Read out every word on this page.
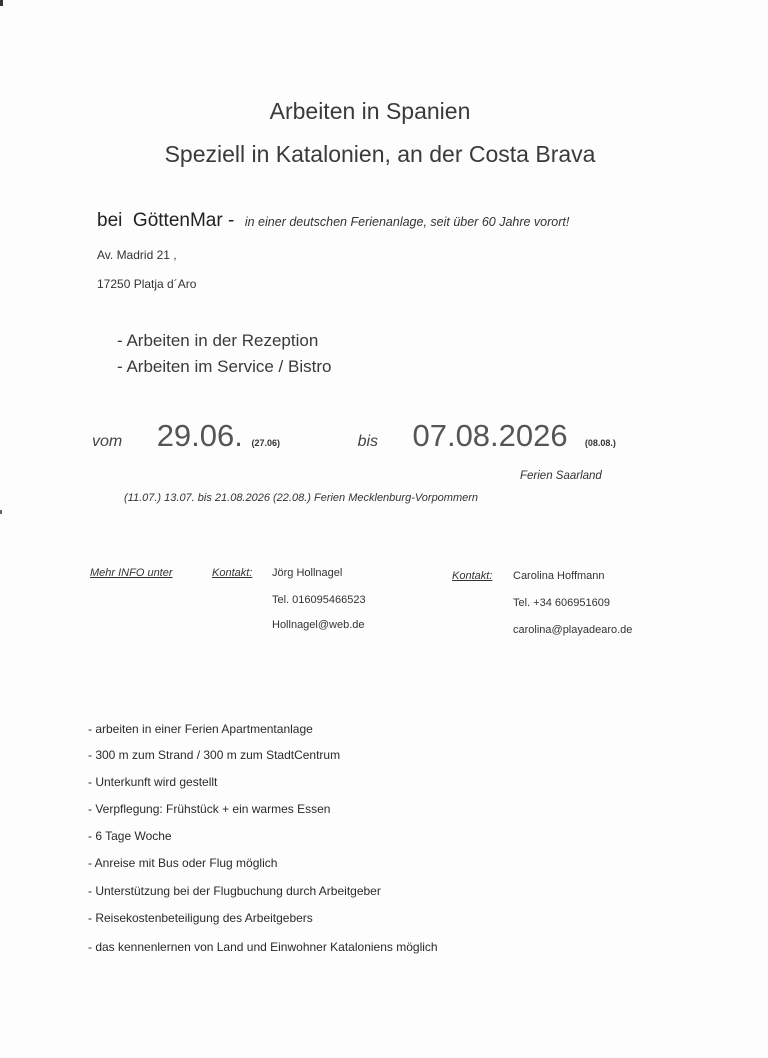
Arbeiten in Spanien
Speziell in Katalonien, an der Costa Brava
bei GöttenMar - in einer deutschen Ferienanlage, seit über 60 Jahre vorort!
Av. Madrid 21 ,
17250 Platja d´Aro
- Arbeiten in der Rezeption
- Arbeiten im Service / Bistro
vom 29.06. (27.06)	bis 07.08.2026 (08.08.)
Ferien Saarland
(11.07.) 13.07. bis 21.08.2026 (22.08.) Ferien Mecklenburg-Vorpommern
Mehr INFO unter	Kontakt: Jörg Hollnagel
Tel. 016095466523
Hollnagel@web.de
Kontakt: Carolina Hoffmann
Tel. +34 606951609
carolina@playadearo.de
- arbeiten in einer Ferien Apartmentanlage
- 300 m zum Strand / 300 m zum StadtCentrum
- Unterkunft wird gestellt
- Verpflegung: Frühstück + ein warmes Essen
- 6 Tage Woche
- Anreise mit Bus oder Flug möglich
- Unterstützung bei der Flugbuchung durch Arbeitgeber
- Reisekostenbeteiligung des Arbeitgebers
- das kennenlernen von Land und Einwohner Kataloniens möglich
